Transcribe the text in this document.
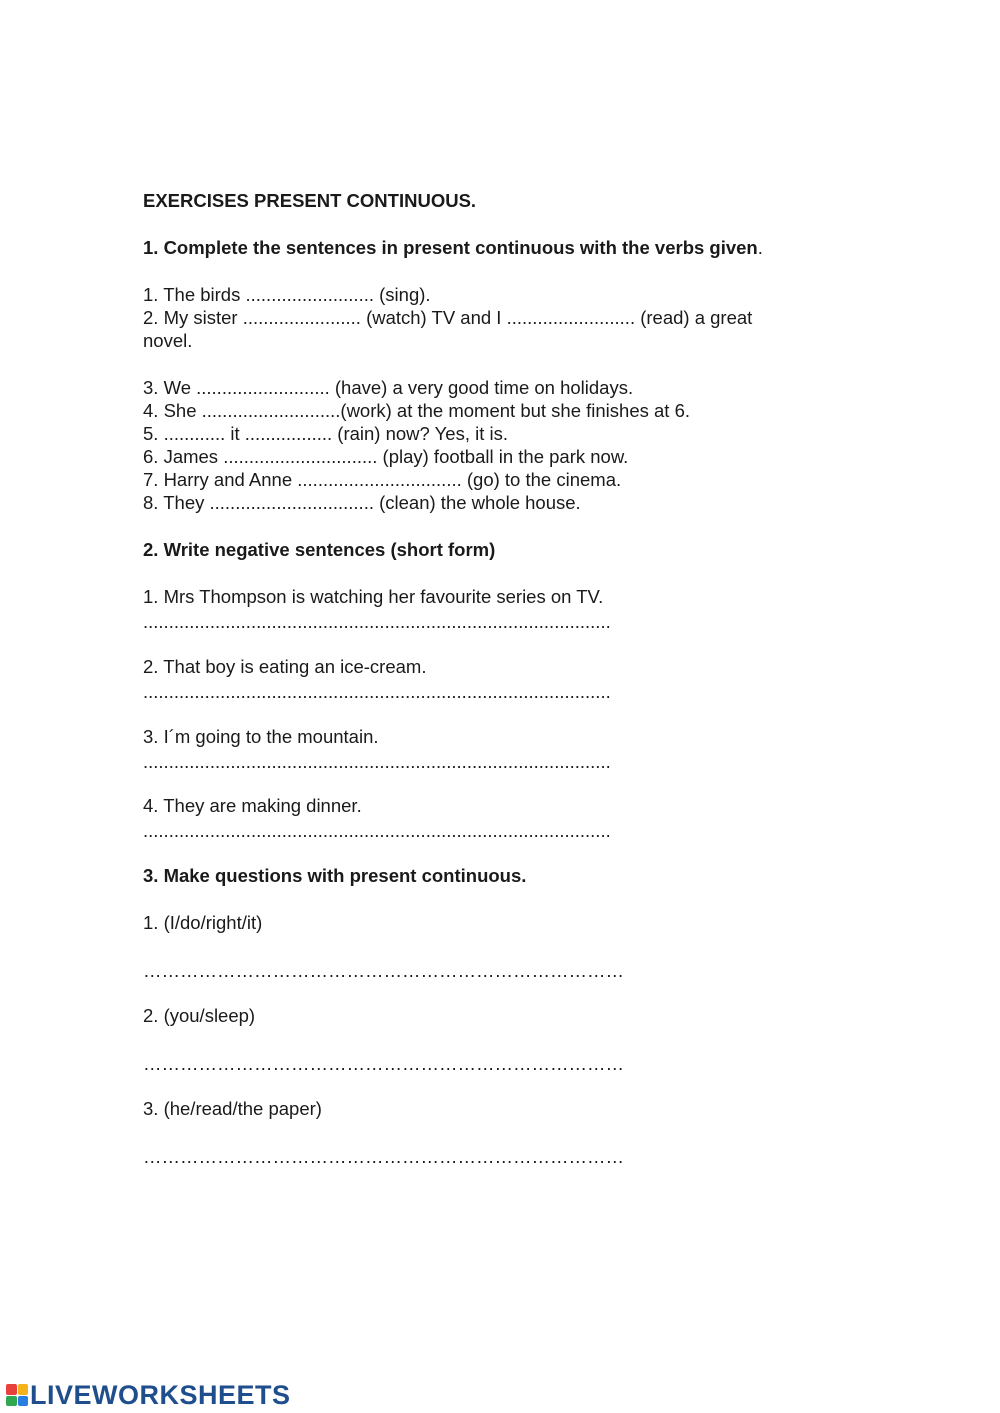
EXERCISES PRESENT CONTINUOUS.
1. Complete the sentences in present continuous with the verbs given.
1. The birds ......................... (sing).
2. My sister ....................... (watch) TV and I ......................... (read) a great
novel.
3. We .......................... (have) a very good time on holidays.
4. She ...........................(work) at the moment but she finishes at 6.
5. ............ it ................. (rain) now? Yes, it is.
6. James .............................. (play) football in the park now.
7. Harry and Anne ................................ (go) to the cinema.
8. They ................................ (clean) the whole house.
2. Write negative sentences (short form)
1. Mrs Thompson is watching her favourite series on TV.
...........................................................................................
2. That boy is eating an ice-cream.
...........................................................................................
3. I´m going to the mountain.
...........................................................................................
4. They are making dinner.
...........................................................................................
3. Make questions with present continuous.
1. (I/do/right/it)
……………………………………………………………………
2. (you/sleep)
……………………………………………………………………
3. (he/read/the paper)
……………………………………………………………………
LIVEWORKSHEETS
